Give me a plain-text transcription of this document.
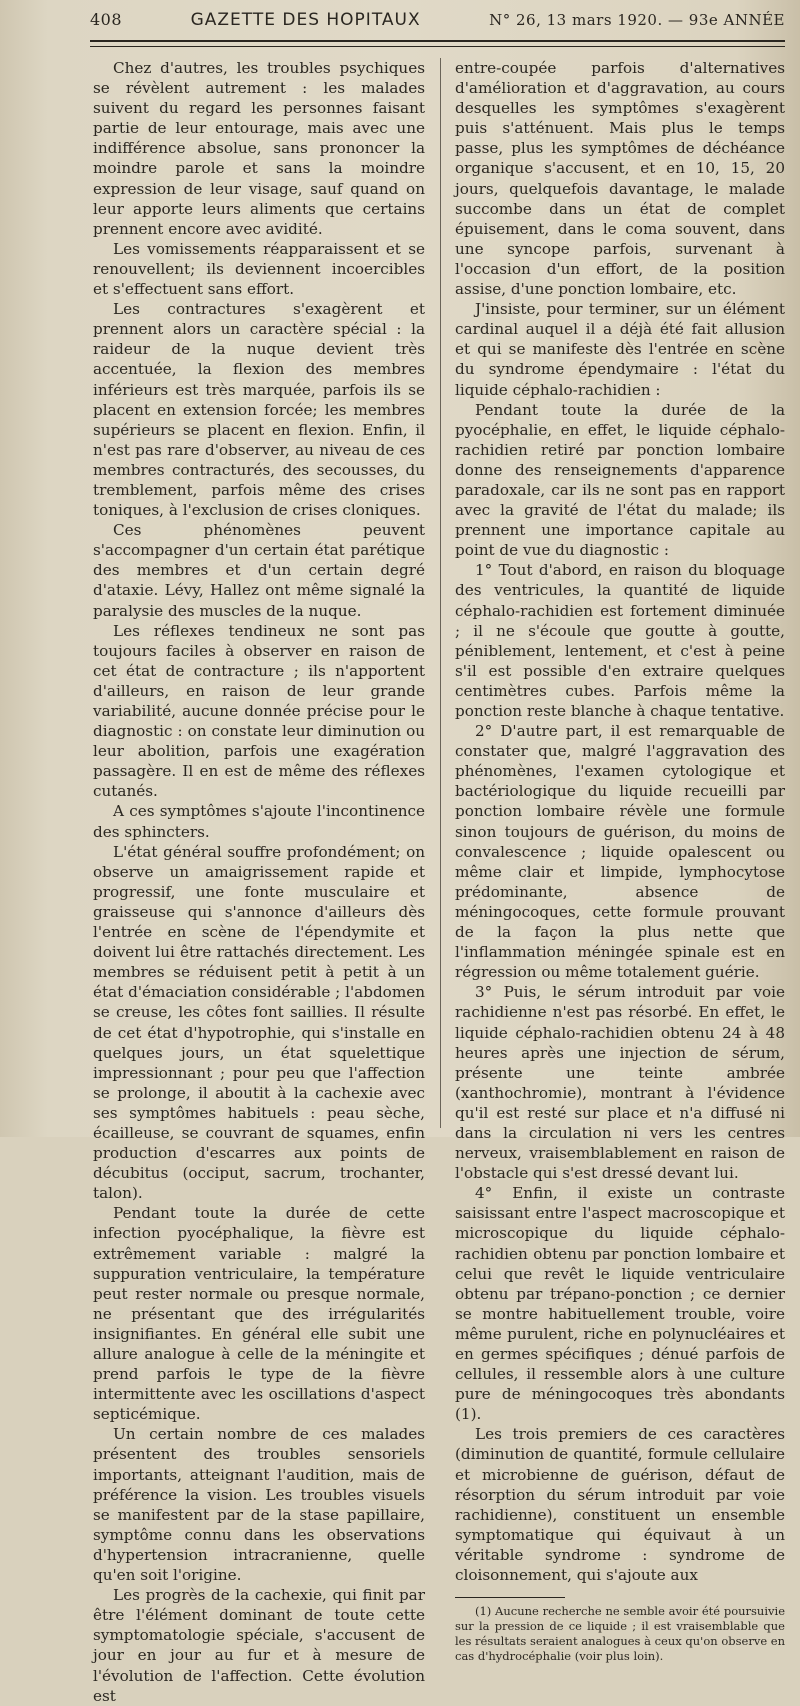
408	GAZETTE DES HOPITAUX	N° 26, 13 mars 1920. — 93e ANNÉE

Chez d'autres, les troubles psychiques se révèlent autrement : les malades suivent du regard les personnes faisant partie de leur entourage, mais avec une indifférence absolue, sans prononcer la moindre parole et sans la moindre expression de leur visage, sauf quand on leur apporte leurs aliments que certains prennent encore avec avidité.

Les vomissements réapparaissent et se renouvellent; ils deviennent incoercibles et s'effectuent sans effort.

Les contractures s'exagèrent et prennent alors un caractère spécial : la raideur de la nuque devient très accentuée, la flexion des membres inférieurs est très marquée, parfois ils se placent en extension forcée; les membres supérieurs se placent en flexion. Enfin, il n'est pas rare d'observer, au niveau de ces membres contracturés, des secousses, du tremblement, parfois même des crises toniques, à l'exclusion de crises cloniques.

Ces phénomènes peuvent s'accompagner d'un certain état parétique des membres et d'un certain degré d'ataxie. Lévy, Hallez ont même signalé la paralysie des muscles de la nuque.

Les réflexes tendineux ne sont pas toujours faciles à observer en raison de cet état de contracture ; ils n'apportent d'ailleurs, en raison de leur grande variabilité, aucune donnée précise pour le diagnostic : on constate leur diminution ou leur abolition, parfois une exagération passagère. Il en est de même des réflexes cutanés.

A ces symptômes s'ajoute l'incontinence des sphincters.

L'état général souffre profondément; on observe un amaigrissement rapide et progressif, une fonte musculaire et graisseuse qui s'annonce d'ailleurs dès l'entrée en scène de l'épendymite et doivent lui être rattachés directement. Les membres se réduisent petit à petit à un état d'émaciation considérable ; l'abdomen se creuse, les côtes font saillies. Il résulte de cet état d'hypotrophie, qui s'installe en quelques jours, un état squelettique impressionnant ; pour peu que l'affection se prolonge, il aboutit à la cachexie avec ses symptômes habituels : peau sèche, écailleuse, se couvrant de squames, enfin production d'escarres aux points de décubitus (occiput, sacrum, trochanter, talon).

Pendant toute la durée de cette infection pyocéphalique, la fièvre est extrêmement variable : malgré la suppuration ventriculaire, la température peut rester normale ou presque normale, ne présentant que des irrégularités insignifiantes. En général elle subit une allure analogue à celle de la méningite et prend parfois le type de la fièvre intermittente avec les oscillations d'aspect septicémique.

Un certain nombre de ces malades présentent des troubles sensoriels importants, atteignant l'audition, mais de préférence la vision. Les troubles visuels se manifestent par de la stase papillaire, symptôme connu dans les observations d'hypertension intracranienne, quelle qu'en soit l'origine.

Les progrès de la cachexie, qui finit par être l'élément dominant de toute cette symptomatologie spéciale, s'accusent de jour en jour au fur et à mesure de l'évolution de l'affection. Cette évolution est

entre-coupée parfois d'alternatives d'amélioration et d'aggravation, au cours desquelles les symptômes s'exagèrent puis s'atténuent. Mais plus le temps passe, plus les symptômes de déchéance organique s'accusent, et en 10, 15, 20 jours, quelquefois davantage, le malade succombe dans un état de complet épuisement, dans le coma souvent, dans une syncope parfois, survenant à l'occasion d'un effort, de la position assise, d'une ponction lombaire, etc.

J'insiste, pour terminer, sur un élément cardinal auquel il a déjà été fait allusion et qui se manifeste dès l'entrée en scène du syndrome épendymaire : l'état du liquide céphalo-rachidien :

Pendant toute la durée de la pyocéphalie, en effet, le liquide céphalo-rachidien retiré par ponction lombaire donne des renseignements d'apparence paradoxale, car ils ne sont pas en rapport avec la gravité de l'état du malade; ils prennent une importance capitale au point de vue du diagnostic :

1° Tout d'abord, en raison du bloquage des ventricules, la quantité de liquide céphalo-rachidien est fortement diminuée ; il ne s'écoule que goutte à goutte, péniblement, lentement, et c'est à peine s'il est possible d'en extraire quelques centimètres cubes. Parfois même la ponction reste blanche à chaque tentative.

2° D'autre part, il est remarquable de constater que, malgré l'aggravation des phénomènes, l'examen cytologique et bactériologique du liquide recueilli par ponction lombaire révèle une formule sinon toujours de guérison, du moins de convalescence ; liquide opalescent ou même clair et limpide, lymphocytose prédominante, absence de méningocoques, cette formule prouvant de la façon la plus nette que l'inflammation méningée spinale est en régression ou même totalement guérie.

3° Puis, le sérum introduit par voie rachidienne n'est pas résorbé. En effet, le liquide céphalo-rachidien obtenu 24 à 48 heures après une injection de sérum, présente une teinte ambrée (xanthochromie), montrant à l'évidence qu'il est resté sur place et n'a diffusé ni dans la circulation ni vers les centres nerveux, vraisemblablement en raison de l'obstacle qui s'est dressé devant lui.

4° Enfin, il existe un contraste saisissant entre l'aspect macroscopique et microscopique du liquide céphalo-rachidien obtenu par ponction lombaire et celui que revêt le liquide ventriculaire obtenu par trépano-ponction ; ce dernier se montre habituellement trouble, voire même purulent, riche en polynucléaires et en germes spécifiques ; dénué parfois de cellules, il ressemble alors à une culture pure de méningocoques très abondants (1).

Les trois premiers de ces caractères (diminution de quantité, formule cellulaire et microbienne de guérison, défaut de résorption du sérum introduit par voie rachidienne), constituent un ensemble symptomatique qui équivaut à un véritable syndrome : syndrome de cloisonnement, qui s'ajoute aux

(1) Aucune recherche ne semble avoir été poursuivie sur la pression de ce liquide ; il est vraisemblable que les résultats seraient analogues à ceux qu'on observe en cas d'hydrocéphalie (voir plus loin).
